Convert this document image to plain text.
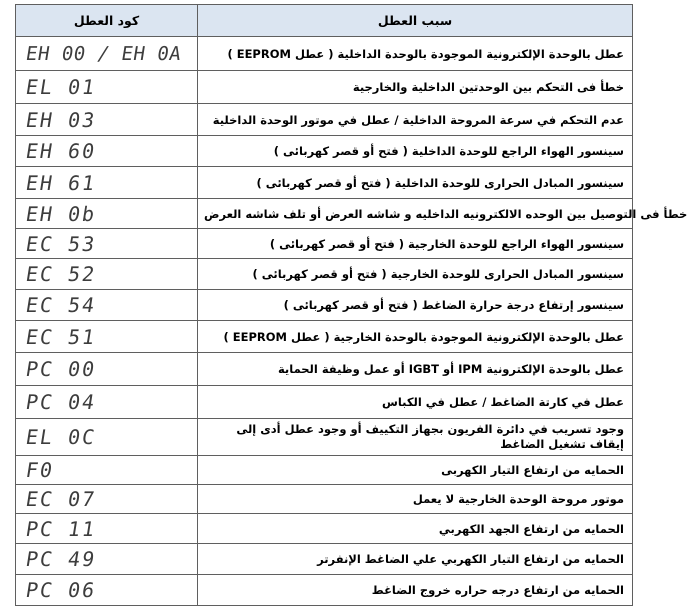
كود العطل	سبب العطل
EH 00 / EH 0A	عطل بالوحدة الإلكترونية الموجودة بالوحدة الداخلية ( عطل EEPROM )
EL 01	خطأ فى التحكم بين الوحدتين الداخلية والخارجية
EH 03	عدم التحكم في سرعة المروحة الداخلية / عطل في موتور الوحدة الداخلية
EH 60	سينسور الهواء الراجع للوحدة الداخلية ( فتح أو قصر كهربائى )
EH 61	سينسور المبادل الحرارى للوحدة الداخلية ( فتح أو قصر كهربائى )
EH 0b	خطأ فى التوصيل بين الوحده الالكترونيه الداخليه و شاشه العرض أو تلف شاشه العرض
EC 53	سينسور الهواء الراجع للوحدة الخارجية ( فتح أو قصر كهربائى )
EC 52	سينسور المبادل الحرارى للوحدة الخارجية ( فتح أو قصر كهربائى )
EC 54	سينسور إرتفاع درجة حرارة الضاغط ( فتح أو قصر كهربائى )
EC 51	عطل بالوحدة الإلكترونية الموجودة بالوحدة الخارجية ( عطل EEPROM )
PC 00	عطل بالوحدة الإلكترونية IPM أو IGBT أو عمل وظيفة الحماية
PC 04	عطل في كارتة الضاغط / عطل في الكباس
EL 0C	وجود تسريب في دائرة الفريون بجهاز التكييف أو وجود عطل أدى إلى إيقاف تشغيل الضاغط
F0	الحمايه من ارتفاع التيار الكهربى
EC 07	موتور مروحة الوحدة الخارجية لا يعمل
PC 11	الحمايه من ارتفاع الجهد الكهربي
PC 49	الحمايه من ارتفاع التيار الكهربي علي الضاغط الإنفرتر
PC 06	الحمايه من ارتفاع درجه حراره خروج الضاغط
